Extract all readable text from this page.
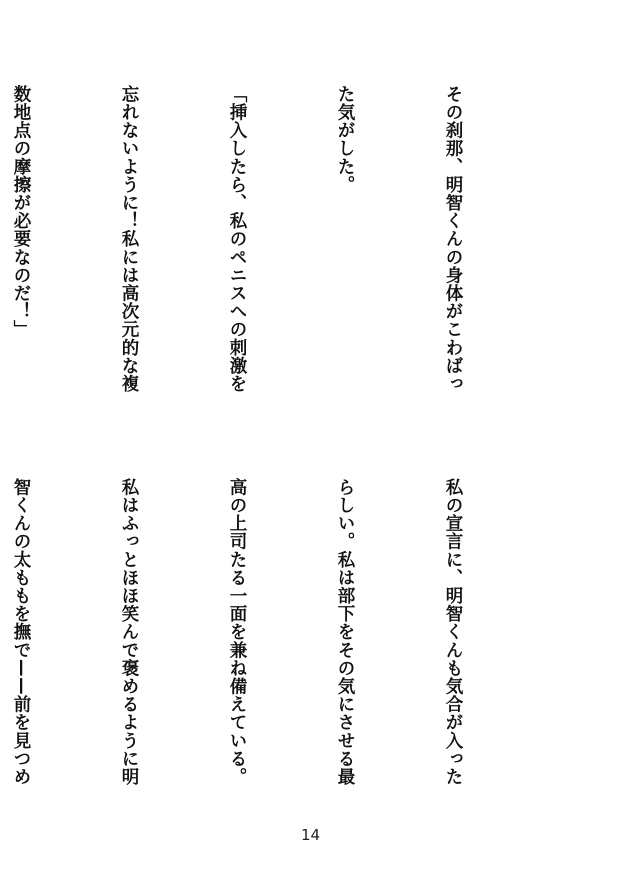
その刹那、明智くんの身体がこわばっ

た気がした。

「挿入したら、私のペニスへの刺激を

忘れないように！私には高次元的な複

数地点の摩擦が必要なのだ！」

私の宣言に、明智くんも気合が入った

らしい。私は部下をその気にさせる最

高の上司たる一面を兼ね備えている。

私はふっとほほ笑んで褒めるように明

智くんの太ももを撫で——前を見つめ

14
